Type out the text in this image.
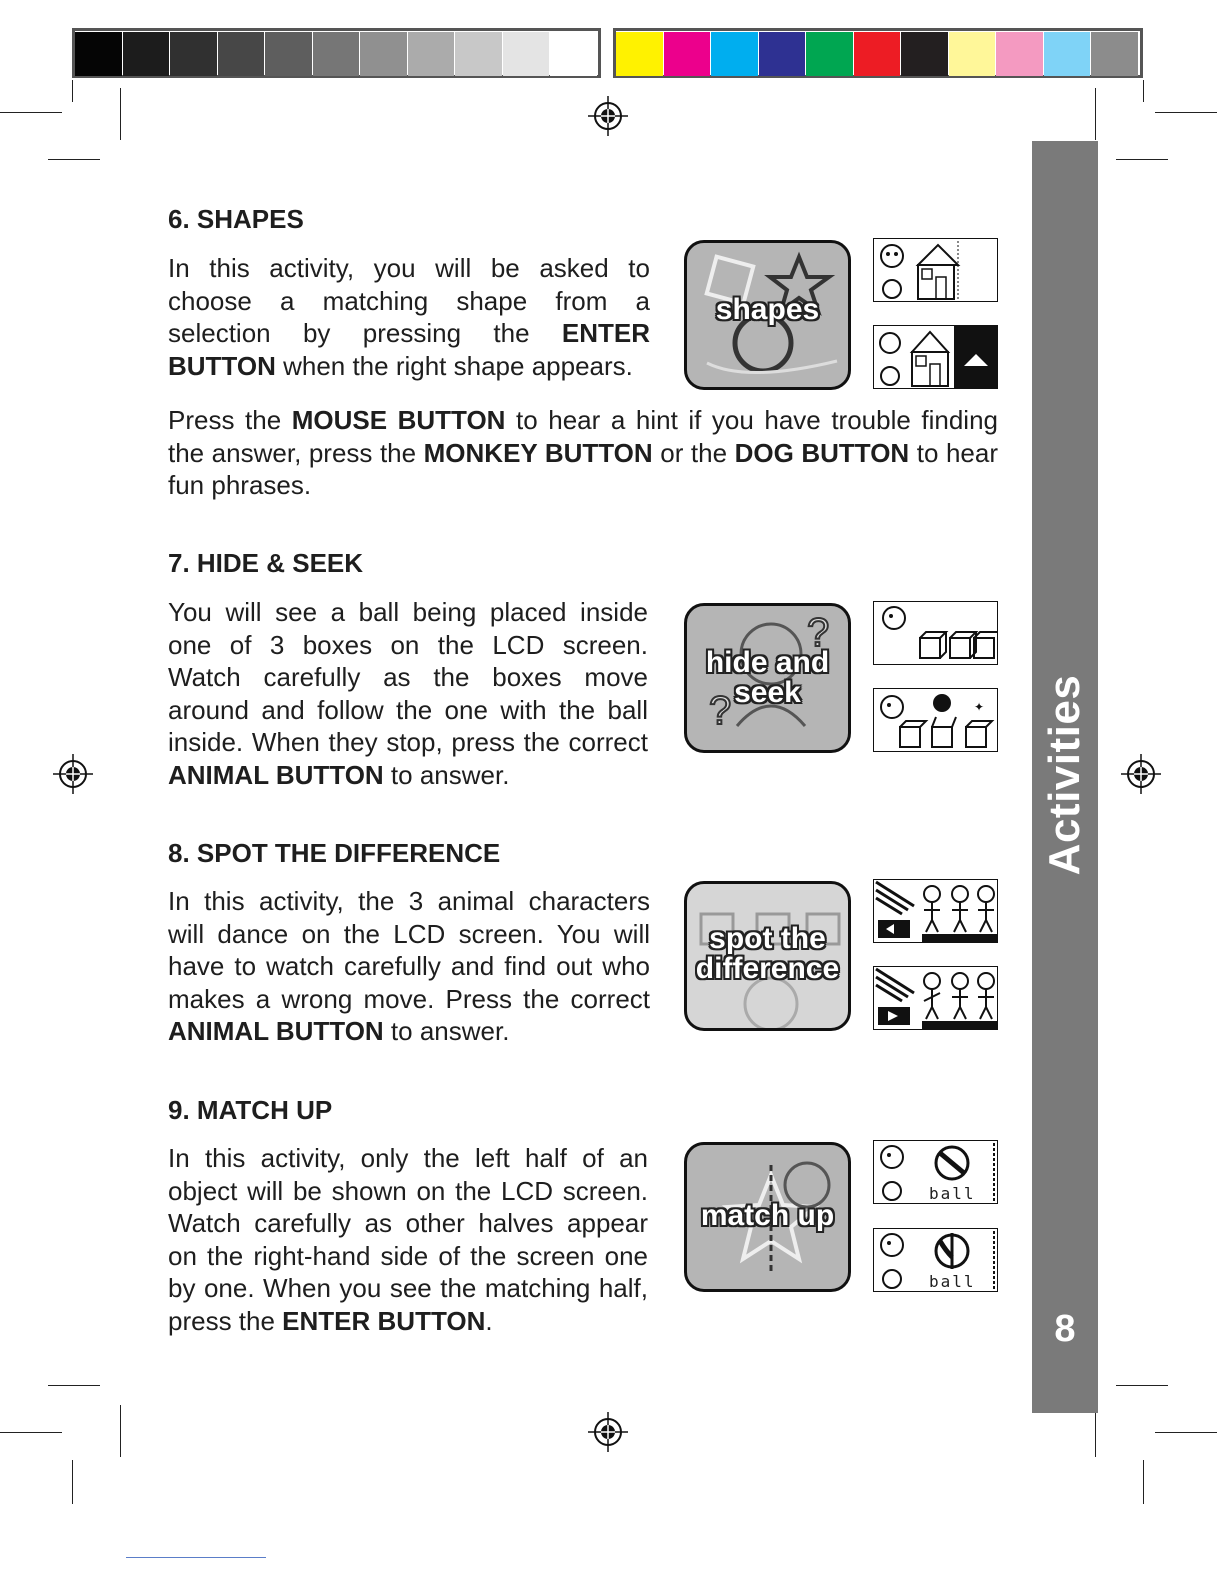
Activities
8
6. SHAPES

In this activity, you will be asked to choose a matching shape from a selection by pressing the ENTER BUTTON when the right shape appears.

Press the MOUSE BUTTON to hear a hint if you have trouble finding the answer, press the MONKEY BUTTON or the DOG BUTTON to hear fun phrases.

shapes
7. HIDE & SEEK

You will see a ball being placed inside one of 3 boxes on the LCD screen. Watch carefully as the boxes move around and follow the one with the ball inside. When they stop, press the correct ANIMAL BUTTON to answer.

?
?
hide and
seek	✦
8. SPOT THE DIFFERENCE

In this activity, the 3 animal characters will dance on the LCD screen. You will have to watch carefully and find out who makes a wrong move. Press the correct ANIMAL BUTTON to answer.

spot the
difference
9. MATCH UP

In this activity, only the left half of an object will be shown on the LCD screen. Watch carefully as other halves appear on the right-hand side of the screen one by one. When you see the matching half, press the ENTER BUTTON.

match up
ball
ball
